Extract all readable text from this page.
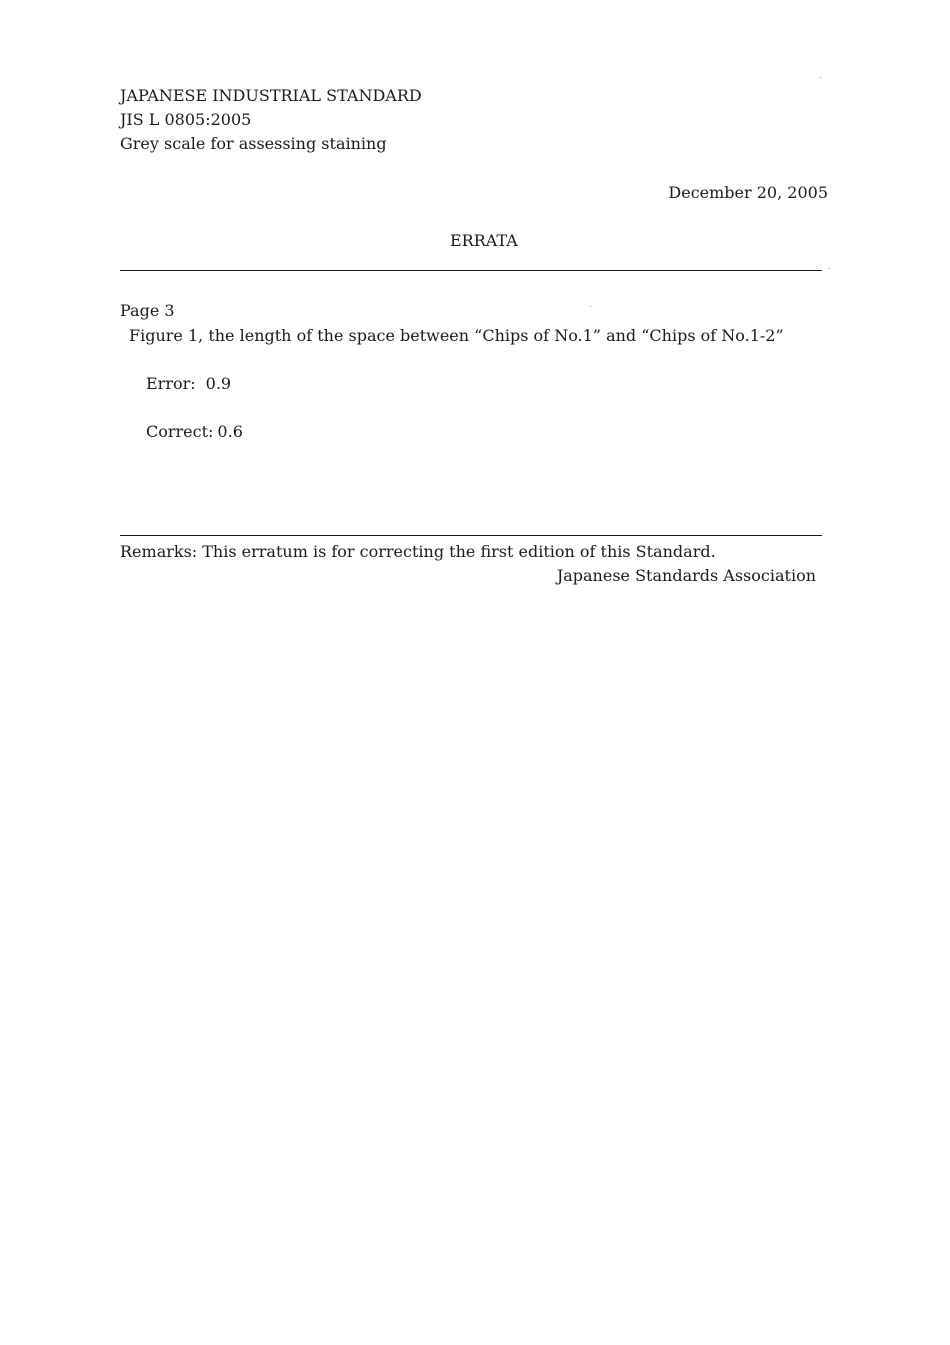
JAPANESE INDUSTRIAL STANDARD
JIS L 0805:2005
Grey scale for assessing staining
December 20, 2005
ERRATA
Page 3
Figure 1, the length of the space between “Chips of No.1” and “Chips of No.1-2”
Error: 0.9
Correct: 0.6
Remarks: This erratum is for correcting the first edition of this Standard.
Japanese Standards Association
